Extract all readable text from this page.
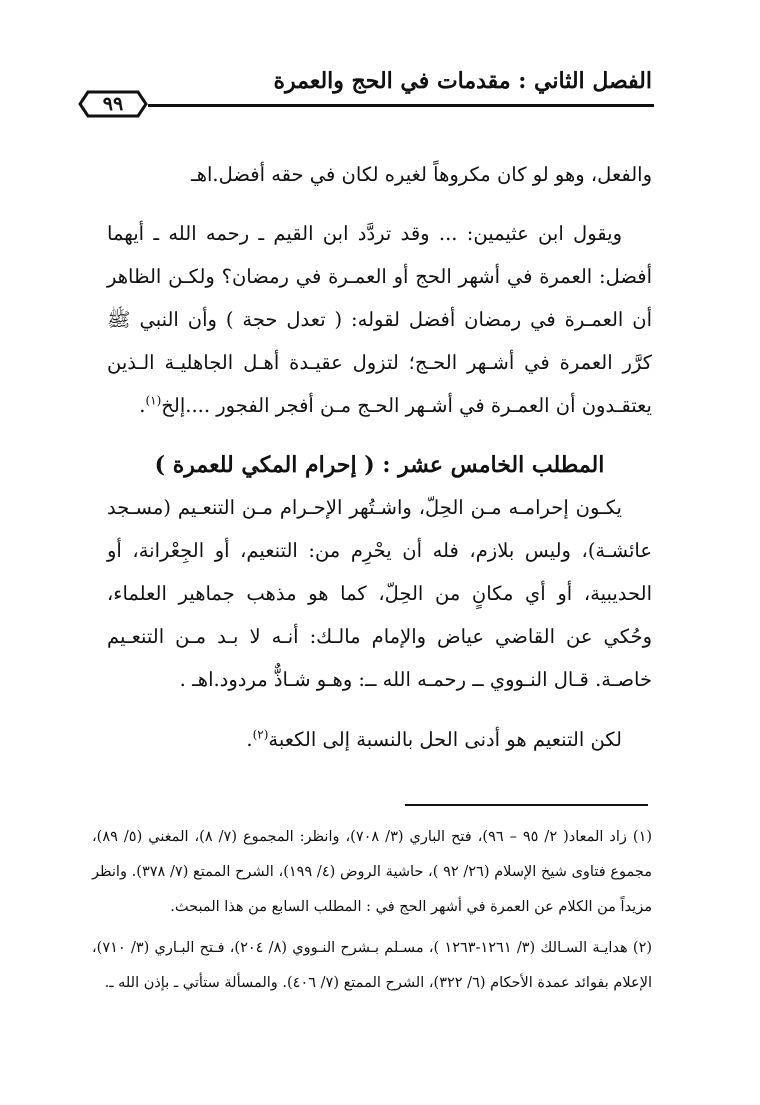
الفصل الثاني : مقدمات في الحج والعمرة
٩٩
والفعل، وهو لو كان مكروهاً لغيره لكان في حقه أفضل.اهـ
ويقول ابن عثيمين: ... وقد تردَّد ابن القيم ـ رحمه الله ـ أيهما أفضل: العمرة في أشهر الحج أو العمـرة في رمضان؟ ولكـن الظاهر أن العمـرة في رمضان أفضل لقوله: ( تعدل حجة ) وأن النبي ﷺ كرَّر العمرة في أشـهر الحـج؛ لتزول عقيـدة أهـل الجاهليـة الـذين يعتقـدون أن العمـرة في أشـهر الحـج مـن أفجر الفجور ....إلخ$^{(١)}$.
المطلب الخامس عشر : ( إحرام المكي للعمرة )
يكـون إحرامـه مـن الحِلّ، واشـتُهر الإحـرام مـن التنعـيم (مسـجد عائشـة)، وليس بلازم، فله أن يحْرِم من: التنعيم، أو الجِعْرانة، أو الحديبية، أو أي مكانٍ من الحِلّ، كما هو مذهب جماهير العلماء، وحُكي عن القاضي عياض والإمام مالـك: أنـه لا بـد مـن التنعـيم خاصـة. قـال النـووي ــ رحمـه الله ــ: وهـو شـاذٌّ مردود.اهـ .
لكن التنعيم هو أدنى الحل بالنسبة إلى الكعبة$^{(٢)}$.
(١) زاد المعاد( ٢/ ٩٥ – ٩٦)، فتح الباري (٣/ ٧٠٨)، وانظر: المجموع (٧/ ٨)، المغني (٥/ ٨٩)، مجموع فتاوى شيخ الإسلام (٢٦/ ٩٢ )، حاشية الروض (٤/ ١٩٩)، الشرح الممتع (٧/ ٣٧٨). وانظر مزيداً من الكلام عن العمرة في أشهر الحج في : المطلب السابع من هذا المبحث.
(٢) هدايـة السـالك (٣/ ١٢٦١-١٢٦٣ )، مسـلم بـشرح النـووي (٨/ ٢٠٤)، فـتح البـاري (٣/ ٧١٠)، الإعلام بفوائد عمدة الأحكام (٦/ ٣٢٢)، الشرح الممتع (٧/ ٤٠٦). والمسألة ستأتي ـ بإذن الله ـ.
